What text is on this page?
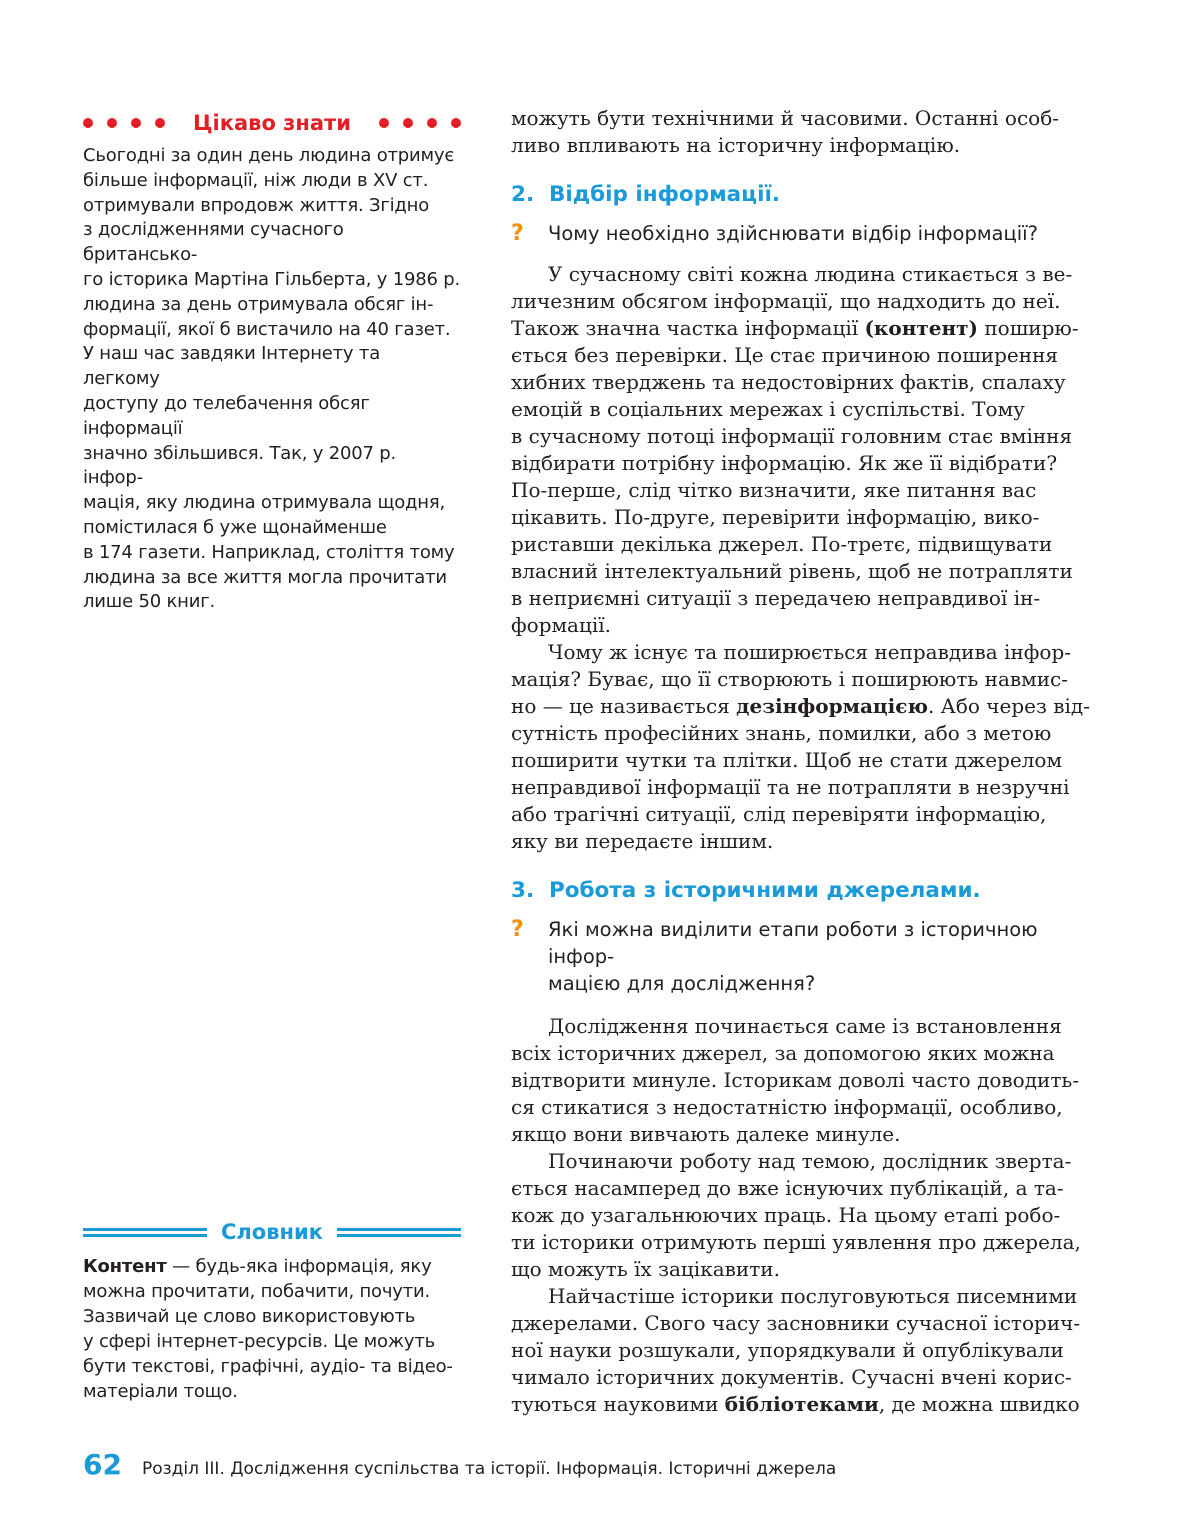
Цікаво знати
Сьогодні за один день людина отримує
більше інформації, ніж люди в XV ст.
отримували впродовж життя. Згідно
з дослідженнями сучасного британсько-
го історика Мартіна Гільберта, у 1986 р.
людина за день отримувала обсяг ін-
формації, якої б вистачило на 40 газет.
У наш час завдяки Інтернету та легкому
доступу до телебачення обсяг інформації
значно збільшився. Так, у 2007 р. інфор-
мація, яку людина отримувала щодня,
помістилася б уже щонайменше
в 174 газети. Наприклад, століття тому
людина за все життя могла прочитати
лише 50 книг.
Словник
Контент — будь-яка інформація, яку
можна прочитати, побачити, почути.
Зазвичай це слово використовують
у сфері інтернет-ресурсів. Це можуть
бути текстові, графічні, аудіо- та відео-
матеріали тощо.

можуть бути технічними й часовими. Останні особ-
ливо впливають на історичну інформацію.

2. Відбір інформації.
?	Чому необхідно здійснювати відбір інформації?

У сучасному світі кожна людина стикається з ве-
личезним обсягом інформації, що надходить до неї.
Також значна частка інформації (контент) поширю-
ється без перевірки. Це стає причиною поширення
хибних тверджень та недостовірних фактів, спалаху
емоцій в соціальних мережах і суспільстві. Тому
в сучасному потоці інформації головним стає вміння
відбирати потрібну інформацію. Як же її відібрати?
По-перше, слід чітко визначити, яке питання вас
цікавить. По-друге, перевірити інформацію, вико-
риставши декілька джерел. По-третє, підвищувати
власний інтелектуальний рівень, щоб не потрапляти
в неприємні ситуації з передачею неправдивої ін-
формації.

Чому ж існує та поширюється неправдива інфор-
мація? Буває, що її створюють і поширюють навмис-
но — це називається дезінформацією. Або через від-
сутність професійних знань, помилки, або з метою
поширити чутки та плітки. Щоб не стати джерелом
неправдивої інформації та не потрапляти в незручні
або трагічні ситуації, слід перевіряти інформацію,
яку ви передаєте іншим.

3. Робота з історичними джерелами.
?	Які можна виділити етапи роботи з історичною інфор-
мацією для дослідження?

Дослідження починається саме із встановлення
всіх історичних джерел, за допомогою яких можна
відтворити минуле. Історикам доволі часто доводить-
ся стикатися з недостатністю інформації, особливо,
якщо вони вивчають далеке минуле.

Починаючи роботу над темою, дослідник зверта-
ється насамперед до вже існуючих публікацій, а та-
кож до узагальнюючих праць. На цьому етапі робо-
ти історики отримують перші уявлення про джерела,
що можуть їх зацікавити.

Найчастіше історики послуговуються писемними
джерелами. Свого часу засновники сучасної історич-
ної науки розшукали, упорядкували й опублікували
чимало історичних документів. Сучасні вчені корис-
туються науковими бібліотеками, де можна швидко

62 Розділ III. Дослідження суспільства та історії. Інформація. Історичні джерела
